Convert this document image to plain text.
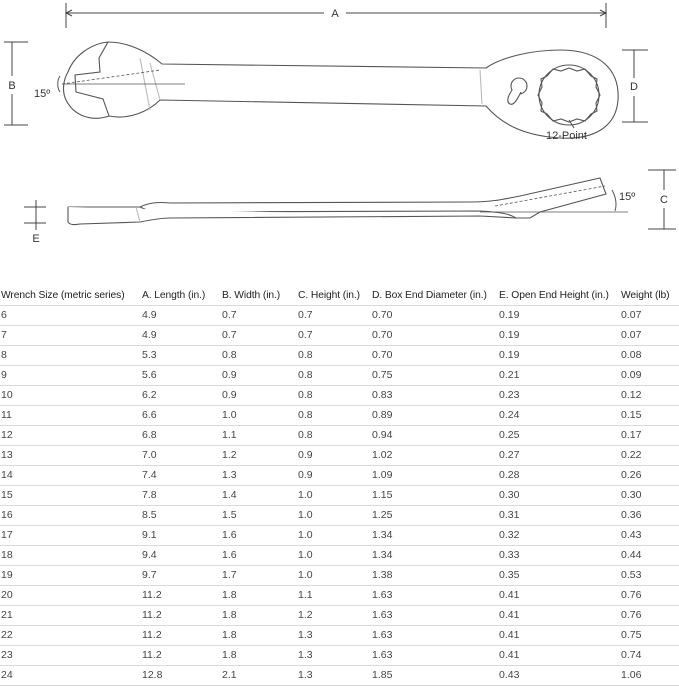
A
B
15º
D
12-Point
15º C
E
Wrench Size (metric series)	A. Length (in.)	B. Width (in.)	C. Height (in.)	D. Box End Diameter (in.)	E. Open End Height (in.)	Weight (lb)
6	4.9	0.7	0.7	0.70	0.19	0.07
7	4.9	0.7	0.7	0.70	0.19	0.07
8	5.3	0.8	0.8	0.70	0.19	0.08
9	5.6	0.9	0.8	0.75	0.21	0.09
10	6.2	0.9	0.8	0.83	0.23	0.12
11	6.6	1.0	0.8	0.89	0.24	0.15
12	6.8	1.1	0.8	0.94	0.25	0.17
13	7.0	1.2	0.9	1.02	0.27	0.22
14	7.4	1.3	0.9	1.09	0.28	0.26
15	7.8	1.4	1.0	1.15	0.30	0.30
16	8.5	1.5	1.0	1.25	0.31	0.36
17	9.1	1.6	1.0	1.34	0.32	0.43
18	9.4	1.6	1.0	1.34	0.33	0.44
19	9.7	1.7	1.0	1.38	0.35	0.53
20	11.2	1.8	1.1	1.63	0.41	0.76
21	11.2	1.8	1.2	1.63	0.41	0.76
22	11.2	1.8	1.3	1.63	0.41	0.75
23	11.2	1.8	1.3	1.63	0.41	0.74
24	12.8	2.1	1.3	1.85	0.43	1.06
